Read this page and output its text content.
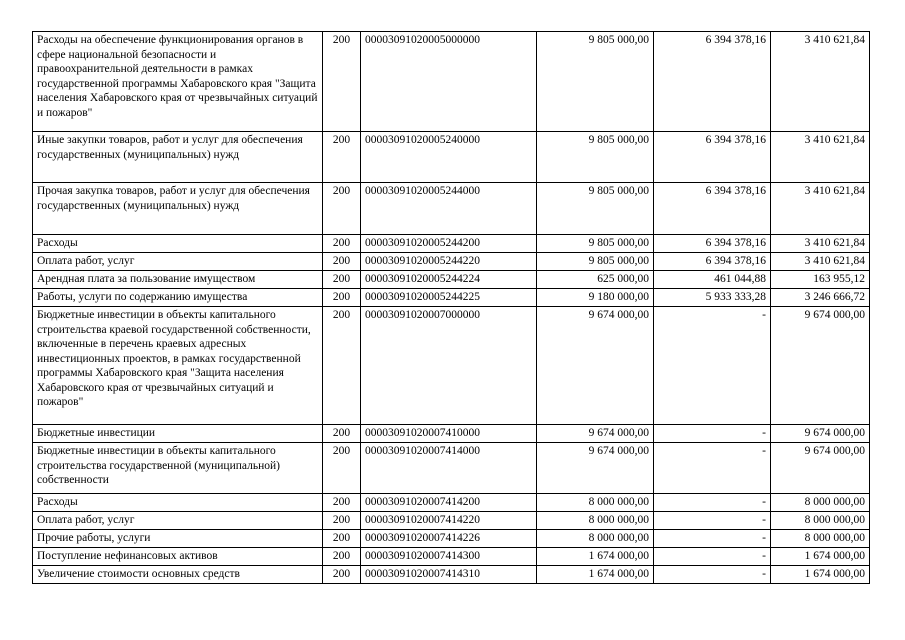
Расходы на обеспечение функционирования органов в сфере национальной безопасности и правоохранительной деятельности в рамках государственной программы Хабаровского края "Защита населения Хабаровского края от чрезвычайных ситуаций и пожаров"	200	00003091020005000000	9 805 000,00	6 394 378,16	3 410 621,84
Иные закупки товаров, работ и услуг для обеспечения государственных (муниципальных) нужд	200	00003091020005240000	9 805 000,00	6 394 378,16	3 410 621,84
Прочая закупка товаров, работ и услуг для обеспечения государственных (муниципальных) нужд	200	00003091020005244000	9 805 000,00	6 394 378,16	3 410 621,84
Расходы	200	00003091020005244200	9 805 000,00	6 394 378,16	3 410 621,84
Оплата работ, услуг	200	00003091020005244220	9 805 000,00	6 394 378,16	3 410 621,84
Арендная плата за пользование имуществом	200	00003091020005244224	625 000,00	461 044,88	163 955,12
Работы, услуги по содержанию имущества	200	00003091020005244225	9 180 000,00	5 933 333,28	3 246 666,72
Бюджетные инвестиции в объекты капитального строительства краевой государственной собственности, включенные в перечень краевых адресных инвестиционных проектов, в рамках государственной программы Хабаровского края "Защита населения Хабаровского края от чрезвычайных ситуаций и пожаров"	200	00003091020007000000	9 674 000,00	-	9 674 000,00
Бюджетные инвестиции	200	00003091020007410000	9 674 000,00	-	9 674 000,00
Бюджетные инвестиции в объекты капитального строительства государственной (муниципальной) собственности	200	00003091020007414000	9 674 000,00	-	9 674 000,00
Расходы	200	00003091020007414200	8 000 000,00	-	8 000 000,00
Оплата работ, услуг	200	00003091020007414220	8 000 000,00	-	8 000 000,00
Прочие работы, услуги	200	00003091020007414226	8 000 000,00	-	8 000 000,00
Поступление нефинансовых активов	200	00003091020007414300	1 674 000,00	-	1 674 000,00
Увеличение стоимости основных средств	200	00003091020007414310	1 674 000,00	-	1 674 000,00
